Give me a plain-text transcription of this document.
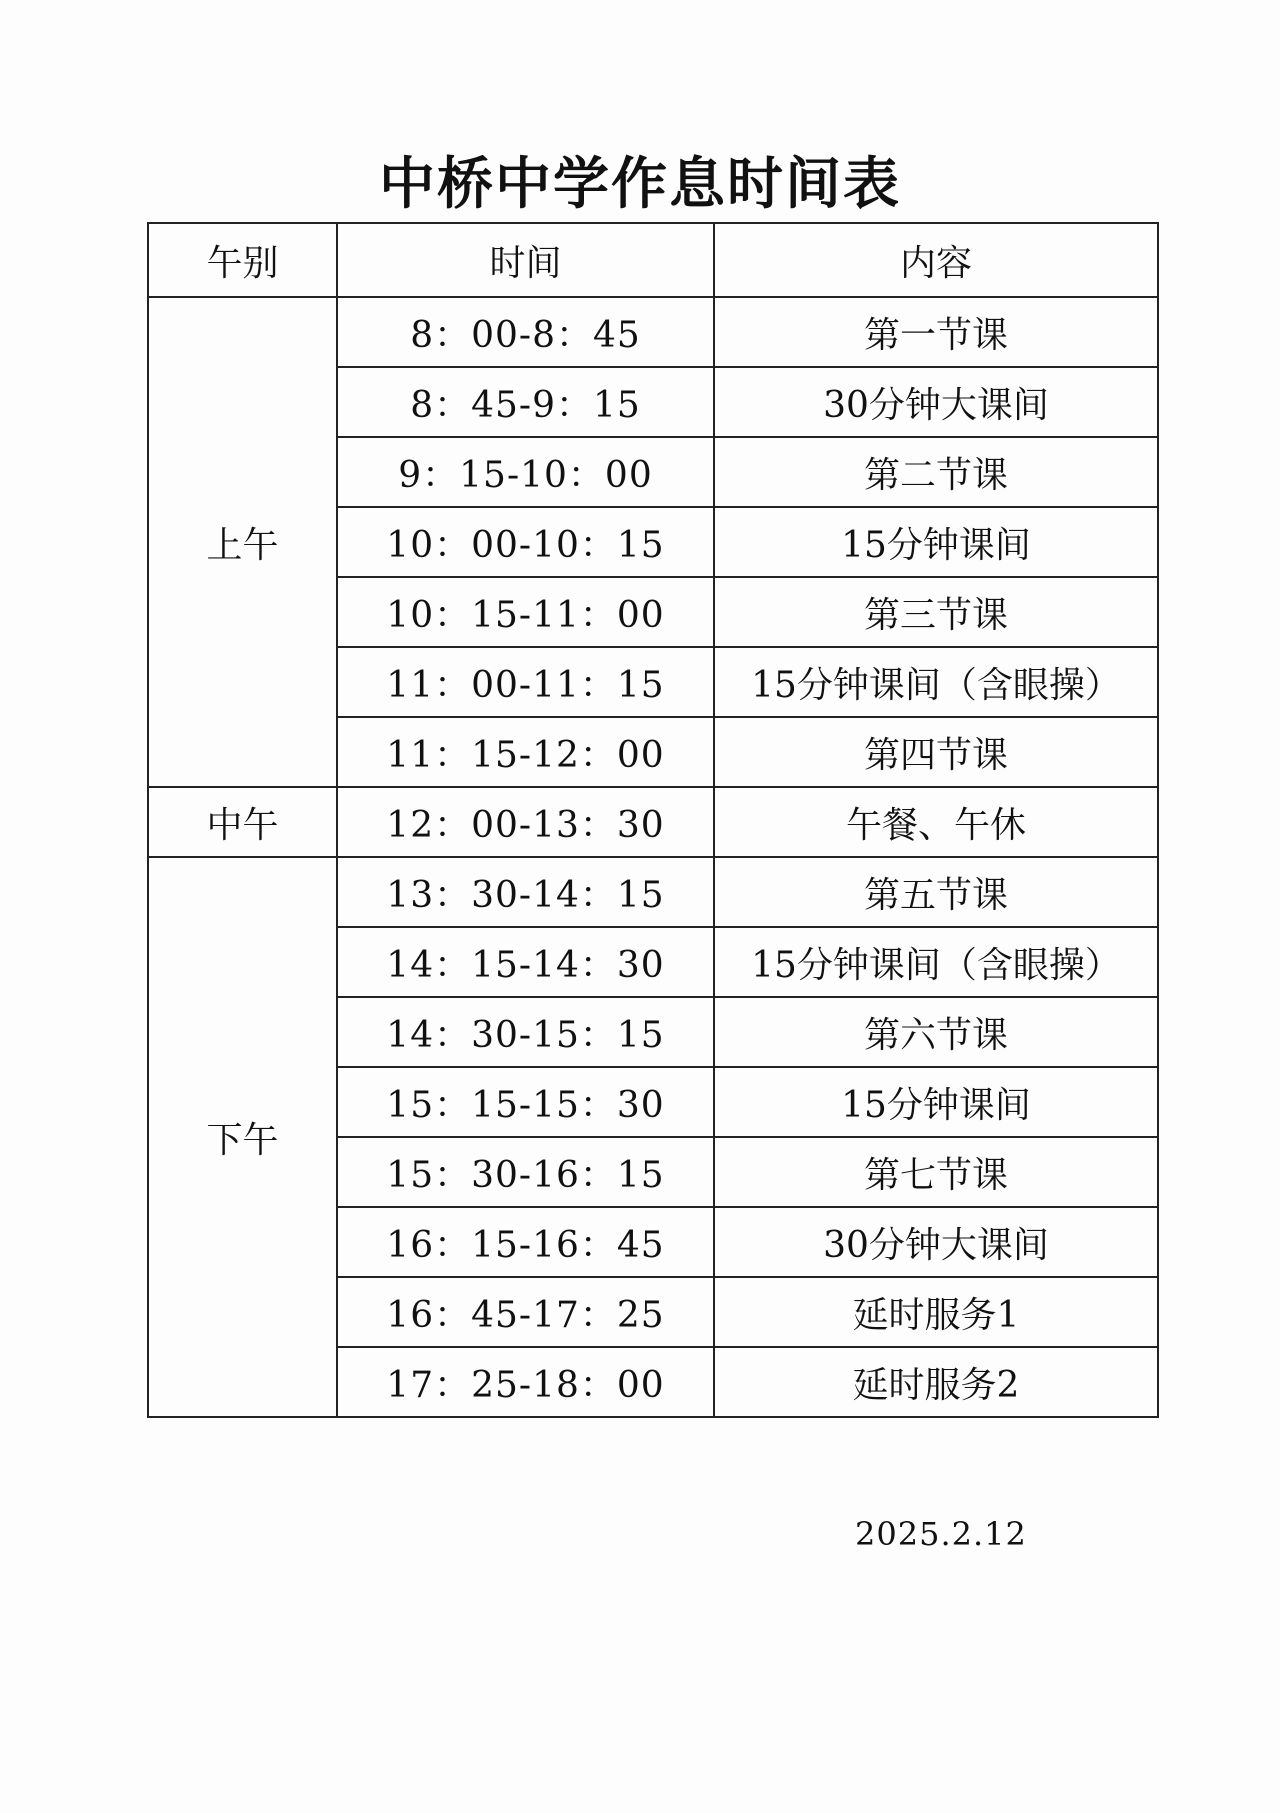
中桥中学作息时间表
午别	时间	内容
上午	8：00-8：45	第一节课
	8：45-9：15	30分钟大课间
	9：15-10：00	第二节课
	10：00-10：15	15分钟课间
	10：15-11：00	第三节课
	11：00-11：15	15分钟课间（含眼操）
	11：15-12：00	第四节课
中午	12：00-13：30	午餐、午休
下午	13：30-14：15	第五节课
	14：15-14：30	15分钟课间（含眼操）
	14：30-15：15	第六节课
	15：15-15：30	15分钟课间
	15：30-16：15	第七节课
	16：15-16：45	30分钟大课间
	16：45-17：25	延时服务1
	17：25-18：00	延时服务2
2025.2.12
